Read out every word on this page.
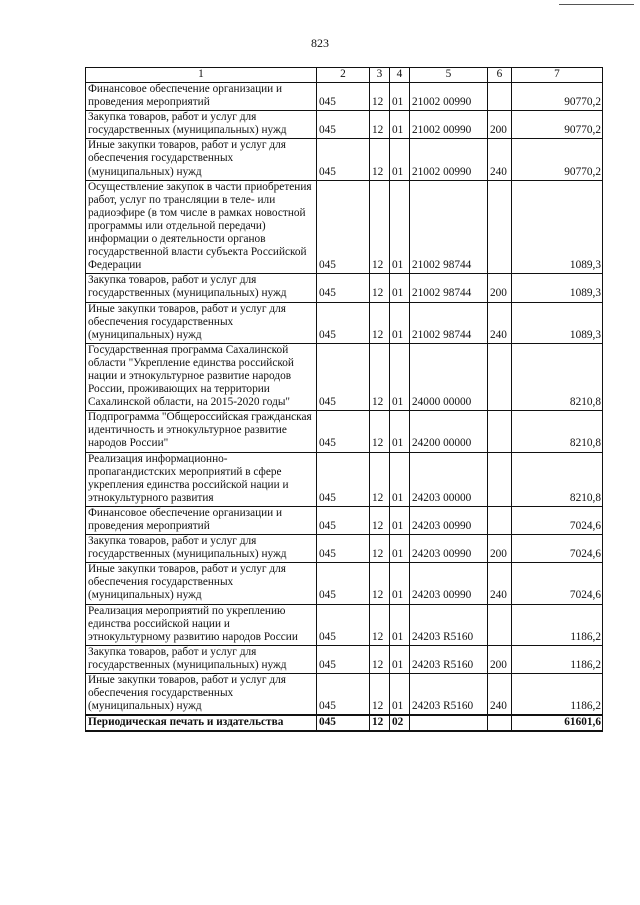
823
1	2	3	4	5	6	7
Финансовое обеспечение организации и проведения мероприятий	045	12	01	21002 00990		90770,2
Закупка товаров, работ и услуг для государственных (муниципальных) нужд	045	12	01	21002 00990	200	90770,2
Иные закупки товаров, работ и услуг для обеспечения государственных (муниципальных) нужд	045	12	01	21002 00990	240	90770,2
Осуществление закупок в части приобретения работ, услуг по трансляции в теле- или радиоэфире (в том числе в рамках новостной программы или отдельной передачи) информации о деятельности органов государственной власти субъекта Российской Федерации	045	12	01	21002 98744		1089,3
Закупка товаров, работ и услуг для государственных (муниципальных) нужд	045	12	01	21002 98744	200	1089,3
Иные закупки товаров, работ и услуг для обеспечения государственных (муниципальных) нужд	045	12	01	21002 98744	240	1089,3
Государственная программа Сахалинской области "Укрепление единства российской нации и этнокультурное развитие народов России, проживающих на территории Сахалинской области, на 2015-2020 годы"	045	12	01	24000 00000		8210,8
Подпрограмма "Общероссийская гражданская идентичность и этнокультурное развитие народов России"	045	12	01	24200 00000		8210,8
Реализация информационно-пропагандистских мероприятий в сфере укрепления единства российской нации и этнокультурного развития	045	12	01	24203 00000		8210,8
Финансовое обеспечение организации и проведения мероприятий	045	12	01	24203 00990		7024,6
Закупка товаров, работ и услуг для государственных (муниципальных) нужд	045	12	01	24203 00990	200	7024,6
Иные закупки товаров, работ и услуг для обеспечения государственных (муниципальных) нужд	045	12	01	24203 00990	240	7024,6
Реализация мероприятий по укреплению единства российской нации и этнокультурному развитию народов России	045	12	01	24203 R5160		1186,2
Закупка товаров, работ и услуг для государственных (муниципальных) нужд	045	12	01	24203 R5160	200	1186,2
Иные закупки товаров, работ и услуг для обеспечения государственных (муниципальных) нужд	045	12	01	24203 R5160	240	1186,2
Периодическая печать и издательства	045	12	02			61601,6
